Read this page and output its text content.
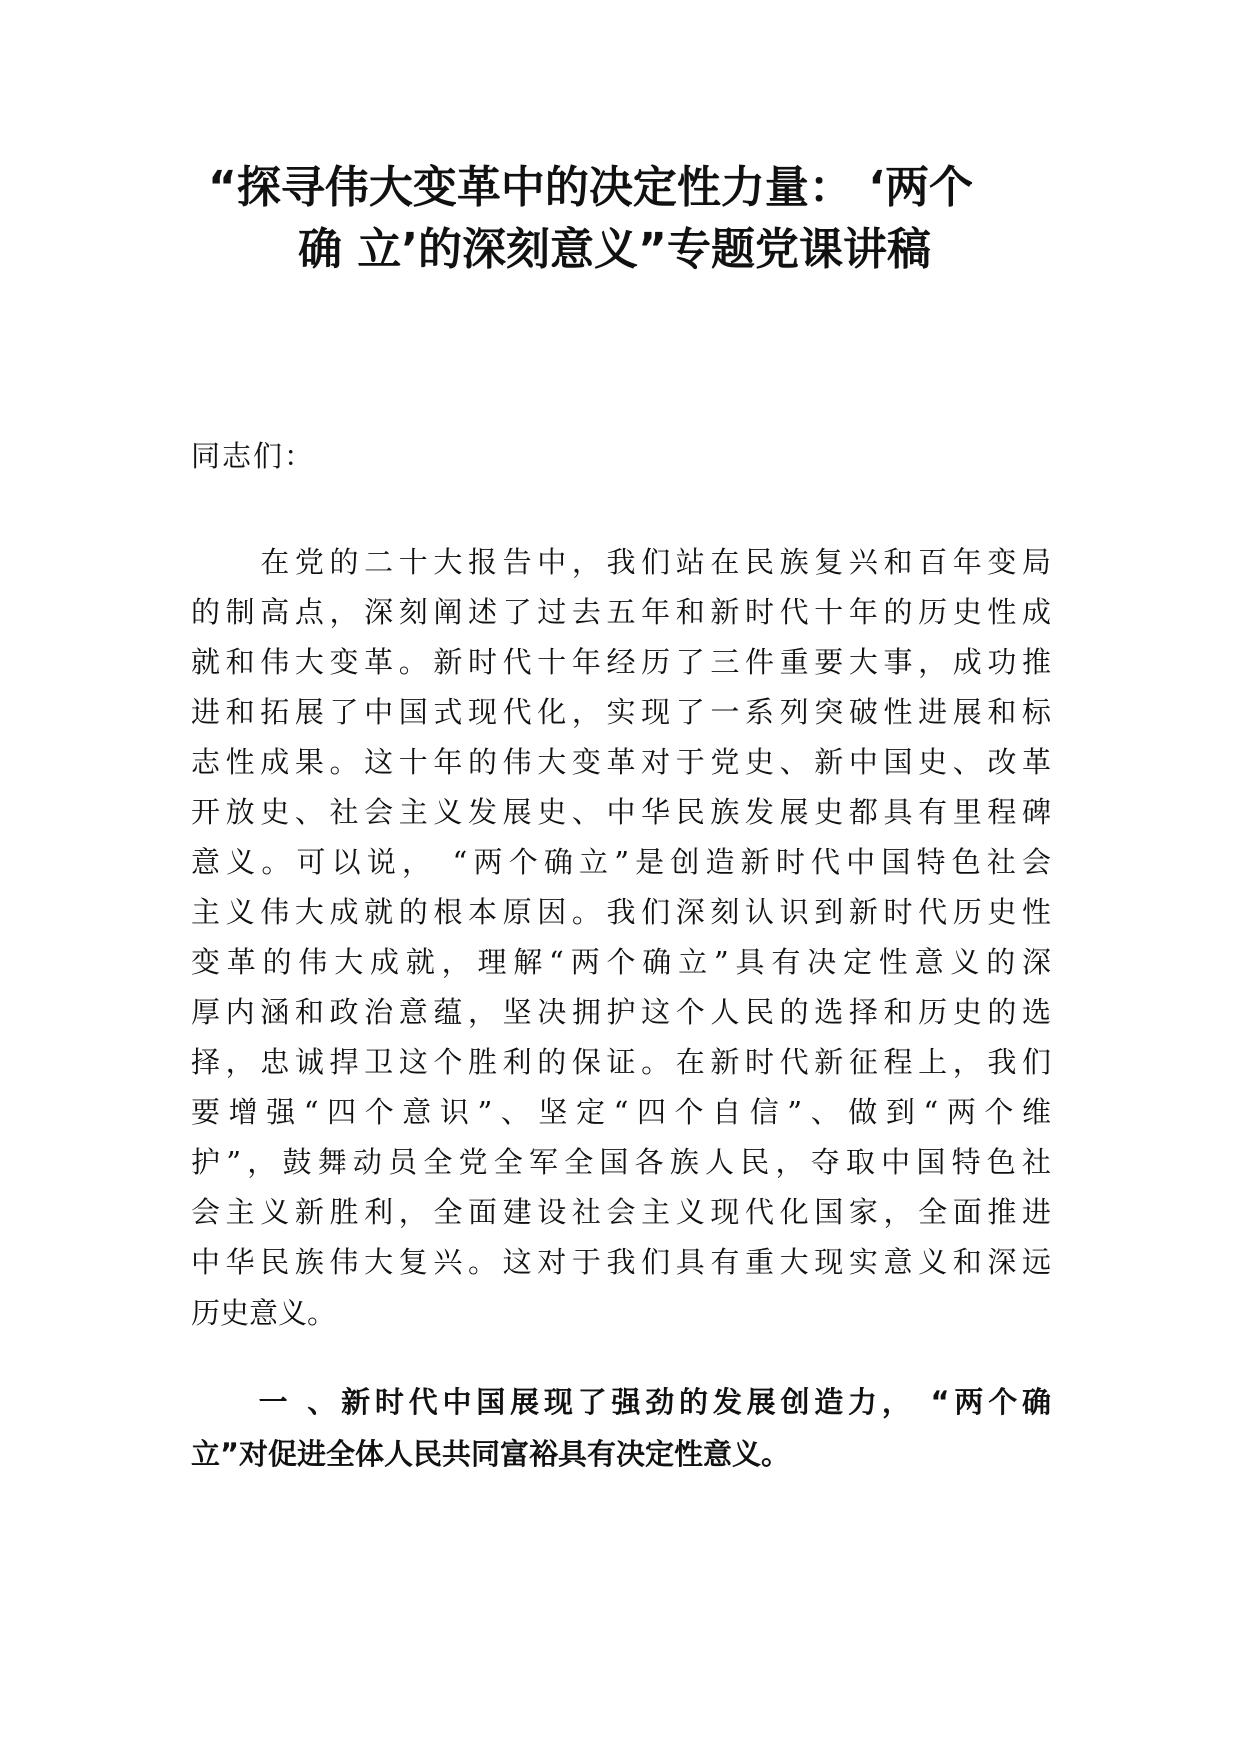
“探寻伟大变革中的决定性力量： ‘两个
确 立’的深刻意义”专题党课讲稿

同志们：

　　在党的二十大报告中，我们站在民族复兴和百年变局

的制高点，深刻阐述了过去五年和新时代十年的历史性成

就和伟大变革。新时代十年经历了三件重要大事，成功推

进和拓展了中国式现代化，实现了一系列突破性进展和标

志性成果。这十年的伟大变革对于党史、新中国史、改革

开放史、社会主义发展史、中华民族发展史都具有里程碑

意义。可以说， “两个确立”是创造新时代中国特色社会

主义伟大成就的根本原因。我们深刻认识到新时代历史性

变革的伟大成就，理解“两个确立”具有决定性意义的深

厚内涵和政治意蕴，坚决拥护这个人民的选择和历史的选

择，忠诚捍卫这个胜利的保证。在新时代新征程上，我们

要增强“四个意识”、坚定“四个自信”、做到“两个维

护”，鼓舞动员全党全军全国各族人民，夺取中国特色社

会主义新胜利，全面建设社会主义现代化国家，全面推进

中华民族伟大复兴。这对于我们具有重大现实意义和深远

历史意义。

　　一 、新时代中国展现了强劲的发展创造力， “两个确

立”对促进全体人民共同富裕具有决定性意义。
